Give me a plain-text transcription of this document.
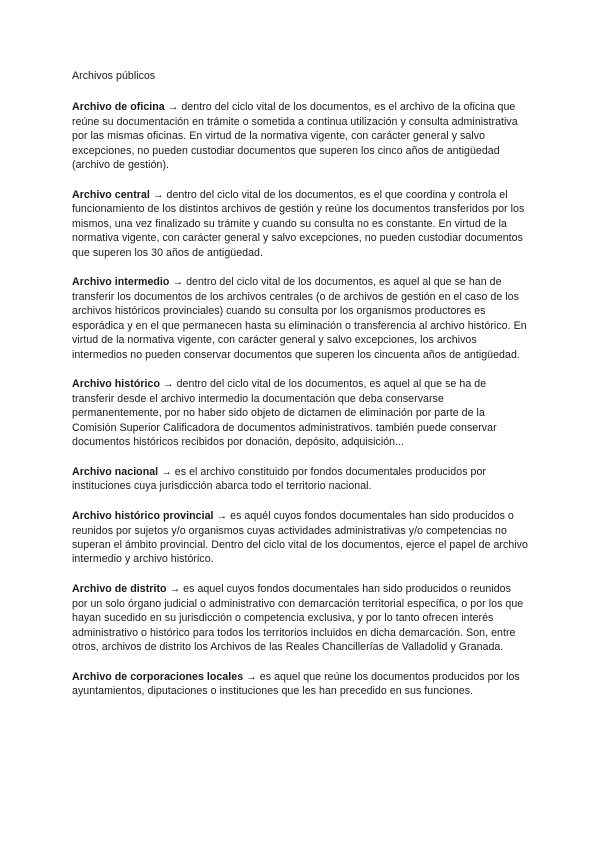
Archivos públicos

Archivo de oficina → dentro del ciclo vital de los documentos, es el archivo de la oficina que reúne su documentación en trámite o sometida a continua utilización y consulta administrativa por las mismas oficinas. En virtud de la normativa vigente, con carácter general y salvo excepciones, no pueden custodiar documentos que superen los cinco años de antigüedad (archivo de gestión).

Archivo central → dentro del ciclo vital de los documentos, es el que coordina y controla el funcionamiento de los distintos archivos de gestión y reúne los documentos transferidos por los mismos, una vez finalizado su trámite y cuando su consulta no es constante. En virtud de la normativa vigente, con carácter general y salvo excepciones, no pueden custodiar documentos que superen los 30 años de antigüedad.

Archivo intermedio → dentro del ciclo vital de los documentos, es aquel al que se han de transferir los documentos de los archivos centrales (o de archivos de gestión en el caso de los archivos históricos provinciales) cuando su consulta por los organismos productores es esporádica y en el que permanecen hasta su eliminación o transferencia al archivo histórico. En virtud de la normativa vigente, con carácter general y salvo excepciones, los archivos intermedios no pueden conservar documentos que superen los cincuenta años de antigüedad.

Archivo histórico → dentro del ciclo vital de los documentos, es aquel al que se ha de transferir desde el archivo intermedio la documentación que deba conservarse permanentemente, por no haber sido objeto de dictamen de eliminación por parte de la Comisión Superior Calificadora de documentos administrativos. también puede conservar documentos históricos recibidos por donación, depósito, adquisición...

Archivo nacional → es el archivo constituido por fondos documentales producidos por instituciones cuya jurisdicción abarca todo el territorio nacional.

Archivo histórico provincial → es aquél cuyos fondos documentales han sido producidos o reunidos por sujetos y/o organismos cuyas actividades administrativas y/o competencias no superan el ámbito provincial. Dentro del ciclo vital de los documentos, ejerce el papel de archivo intermedio y archivo histórico.

Archivo de distrito → es aquel cuyos fondos documentales han sido producidos o reunidos por un solo órgano judicial o administrativo con demarcación territorial específica, o por los que hayan sucedido en su jurisdicción o competencia exclusiva, y por lo tanto ofrecen interés administrativo o histórico para todos los territorios incluidos en dicha demarcación. Son, entre otros, archivos de distrito los Archivos de las Reales Chancillerías de Valladolid y Granada.

Archivo de corporaciones locales → es aquel que reúne los documentos producidos por los ayuntamientos, diputaciones o instituciones que les han precedido en sus funciones.
